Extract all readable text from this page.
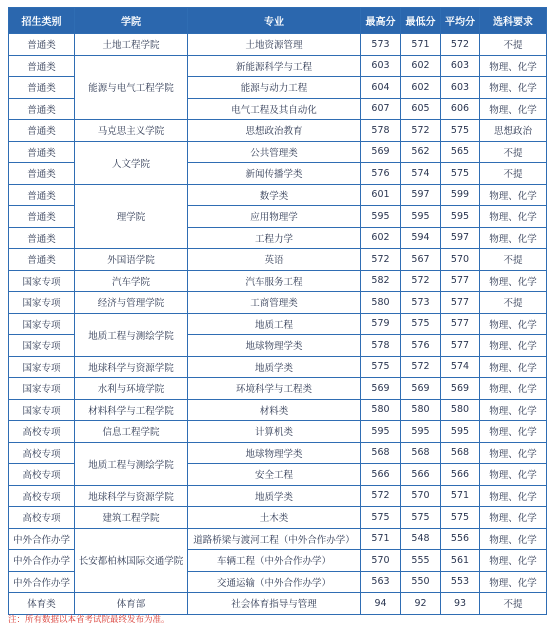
招生类别	学院	专业	最高分	最低分	平均分	选科要求
普通类	土地工程学院	土地资源管理	573	571	572	不提
普通类	能源与电气工程学院	新能源科学与工程	603	602	603	物理、化学
普通类		能源与动力工程	604	602	603	物理、化学
普通类		电气工程及其自动化	607	605	606	物理、化学
普通类	马克思主义学院	思想政治教育	578	572	575	思想政治
普通类	人文学院	公共管理类	569	562	565	不提
普通类		新闻传播学类	576	574	575	不提
普通类	理学院	数学类	601	597	599	物理、化学
普通类		应用物理学	595	595	595	物理、化学
普通类		工程力学	602	594	597	物理、化学
普通类	外国语学院	英语	572	567	570	不提
国家专项	汽车学院	汽车服务工程	582	572	577	物理、化学
国家专项	经济与管理学院	工商管理类	580	573	577	不提
国家专项	地质工程与测绘学院	地质工程	579	575	577	物理、化学
国家专项		地球物理学类	578	576	577	物理、化学
国家专项	地球科学与资源学院	地质学类	575	572	574	物理、化学
国家专项	水利与环境学院	环境科学与工程类	569	569	569	物理、化学
国家专项	材料科学与工程学院	材料类	580	580	580	物理、化学
高校专项	信息工程学院	计算机类	595	595	595	物理、化学
高校专项	地质工程与测绘学院	地球物理学类	568	568	568	物理、化学
高校专项		安全工程	566	566	566	物理、化学
高校专项	地球科学与资源学院	地质学类	572	570	571	物理、化学
高校专项	建筑工程学院	土木类	575	575	575	物理、化学
中外合作办学	长安都柏林国际交通学院	道路桥梁与渡河工程（中外合作办学）	571	548	556	物理、化学
中外合作办学		车辆工程（中外合作办学）	570	555	561	物理、化学
中外合作办学		交通运输（中外合作办学）	563	550	553	物理、化学
体育类	体育部	社会体育指导与管理	94	92	93	不提
注：所有数据以本省考试院最终发布为准。
